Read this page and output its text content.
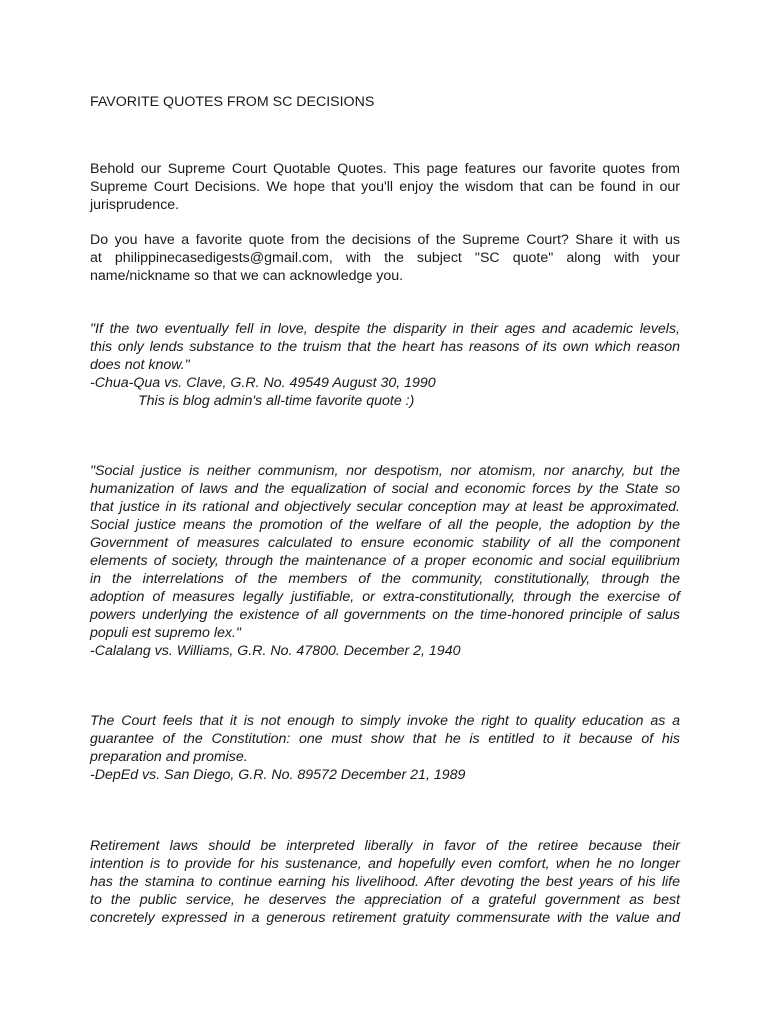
FAVORITE QUOTES FROM SC DECISIONS

Behold our Supreme Court Quotable Quotes. This page features our favorite quotes from
Supreme Court Decisions. We hope that you'll enjoy the wisdom that can be found in our
jurisprudence.

Do you have a favorite quote from the decisions of the Supreme Court? Share it with us
at philippinecasedigests@gmail.com, with the subject "SC quote" along with your
name/nickname so that we can acknowledge you.

"If the two eventually fell in love, despite the disparity in their ages and academic levels,
this only lends substance to the truism that the heart has reasons of its own which reason
does not know."
-Chua-Qua vs. Clave, G.R. No. 49549 August 30, 1990
This is blog admin's all-time favorite quote :)

"Social justice is neither communism, nor despotism, nor atomism, nor anarchy, but the
humanization of laws and the equalization of social and economic forces by the State so
that justice in its rational and objectively secular conception may at least be approximated.
Social justice means the promotion of the welfare of all the people, the adoption by the
Government of measures calculated to ensure economic stability of all the component
elements of society, through the maintenance of a proper economic and social equilibrium
in the interrelations of the members of the community, constitutionally, through the
adoption of measures legally justifiable, or extra-constitutionally, through the exercise of
powers underlying the existence of all governments on the time-honored principle of salus
populi est supremo lex."
-Calalang vs. Williams, G.R. No. 47800. December 2, 1940

The Court feels that it is not enough to simply invoke the right to quality education as a
guarantee of the Constitution: one must show that he is entitled to it because of his
preparation and promise.
-DepEd vs. San Diego, G.R. No. 89572 December 21, 1989

Retirement laws should be interpreted liberally in favor of the retiree because their
intention is to provide for his sustenance, and hopefully even comfort, when he no longer
has the stamina to continue earning his livelihood. After devoting the best years of his life
to the public service, he deserves the appreciation of a grateful government as best
concretely expressed in a generous retirement gratuity commensurate with the value and
